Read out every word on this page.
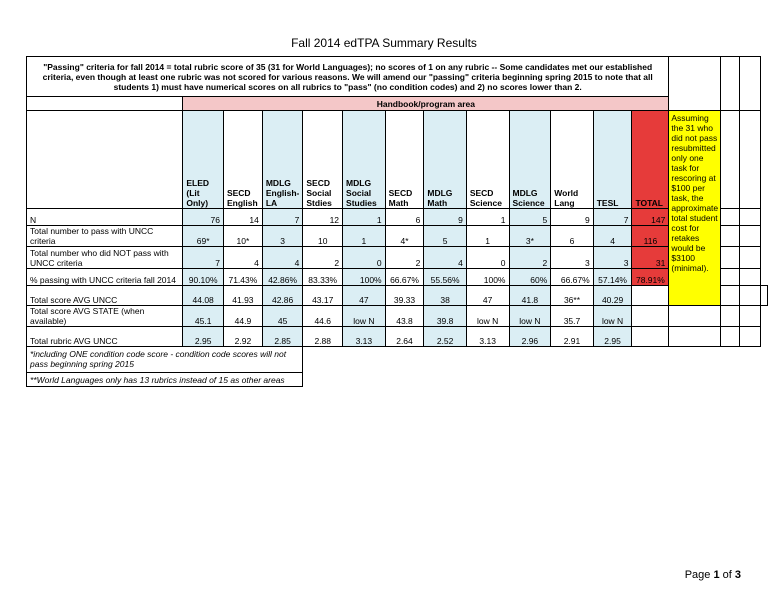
Fall 2014 edTPA Summary Results
"Passing" criteria for fall 2014 = total rubric score of 35 (31 for World Languages); no scores of 1 on any rubric -- Some candidates met our established criteria, even though at least one rubric was not scored for various reasons. We will amend our "passing" criteria beginning spring 2015 to note that all students 1) must have numerical scores on all rubrics to "pass" (no condition codes) and 2) no scores lower than 2.																
	Handbook/program area															
	ELED (Lit Only)	SECD English	MDLG English-LA	SECD Social Stdies	MDLG Social Studies	SECD Math	MDLG Math	SECD Science	MDLG Science	World Lang	TESL	TOTAL	Assuming the 31 who did not pass resubmitted only one task for rescoring at $100 per task, the approximate total student cost for retakes would be $3100 (minimal).			
N	76	14	7	12	1	6	9	1	5	9	7	147				
Total number to pass with UNCC criteria	69*	10*	3	10	1	4*	5	1	3*	6	4	116				
Total number who did NOT pass with UNCC criteria	7	4	4	2	0	2	4	0	2	3	3	31				
% passing with UNCC criteria fall 2014	90.10%	71.43%	42.86%	83.33%	100%	66.67%	55.56%	100%	60%	66.67%	57.14%	78.91%				
Total score AVG UNCC	44.08	41.93	42.86	43.17	47	39.33	38	47	41.8	36**	40.29					
Total score AVG STATE (when available)	45.1	44.9	45	44.6	low N	43.8	39.8	low N	low N	35.7	low N					
Total rubric AVG UNCC	2.95	2.92	2.85	2.88	3.13	2.64	2.52	3.13	2.96	2.91	2.95					
*including ONE condition code score - condition code scores will not pass beginning spring 2015																
**World Languages only has 13 rubrics instead of 15 as other areas																
Page 1 of 3
